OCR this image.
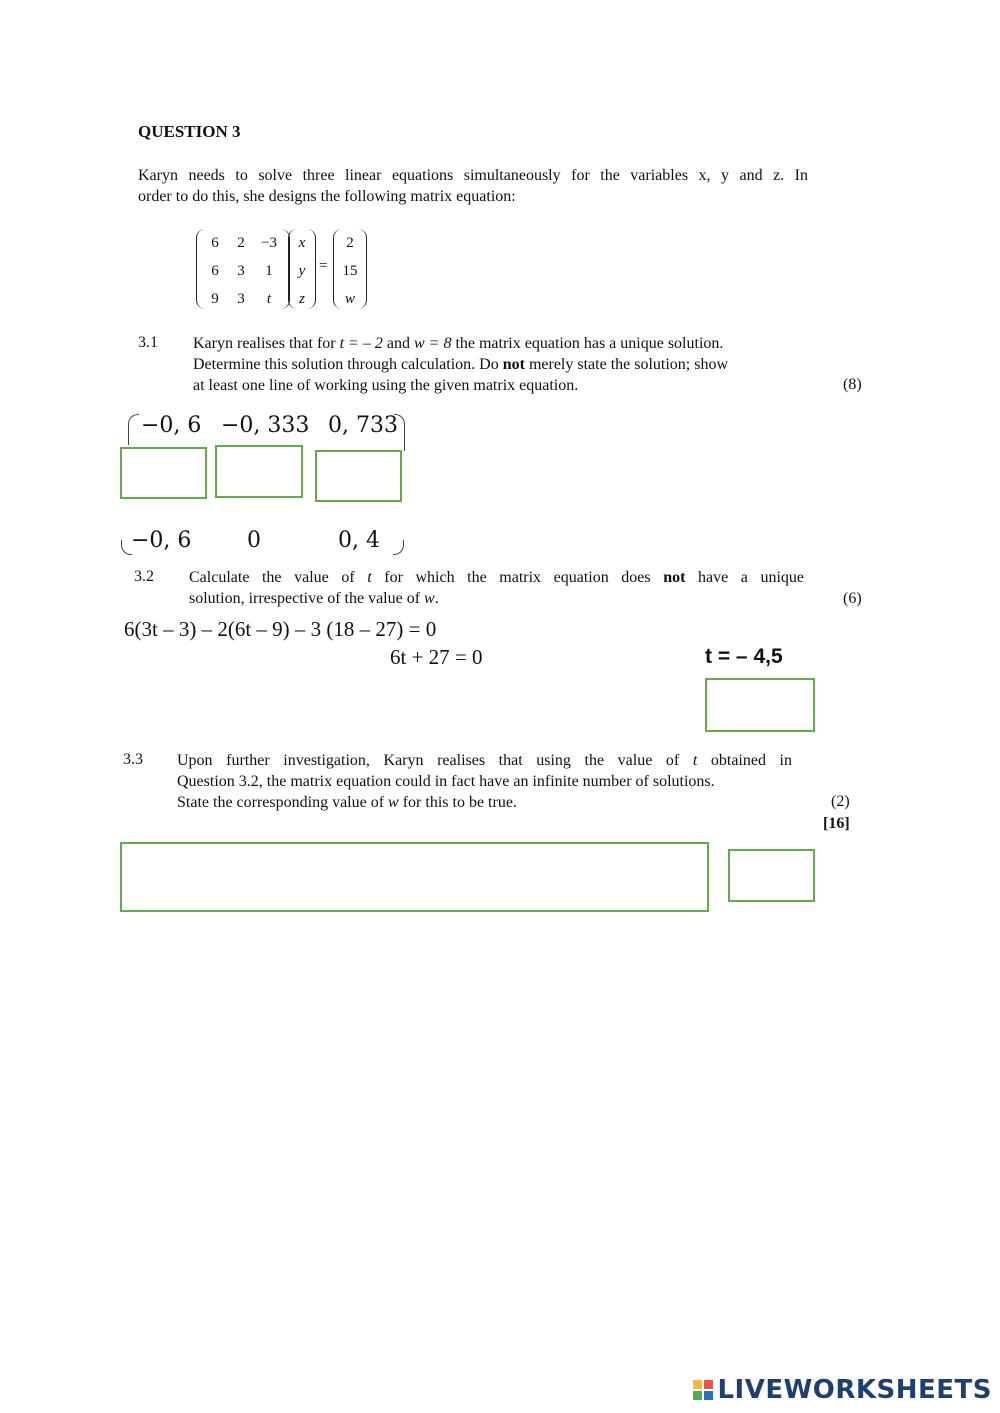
QUESTION 3
Karyn needs to solve three linear equations simultaneously for the variables x, y and z. In
order to do this, she designs the following matrix equation:
6	2	−3
6	3	1
9	3	t
x
y
z
=
2
15
w
3.1 Karyn realises that for t = – 2 and w = 8 the matrix equation has a unique solution.
Determine this solution through calculation. Do not merely state the solution; show
at least one line of working using the given matrix equation.	(8)
−0, 6 −0, 333 0, 733
−0, 6	0	0, 4
3.2 Calculate the value of t for which the matrix equation does not have a unique
solution, irrespective of the value of w.	(6)
6(3t – 3) – 2(6t – 9) – 3 (18 – 27) = 0
6t + 27 = 0	t = – 4,5
3.3 Upon further investigation, Karyn realises that using the value of t obtained in
Question 3.2, the matrix equation could in fact have an infinite number of solutions.
State the corresponding value of w for this to be true.	(2)
[16]
LIVEWORKSHEETS
